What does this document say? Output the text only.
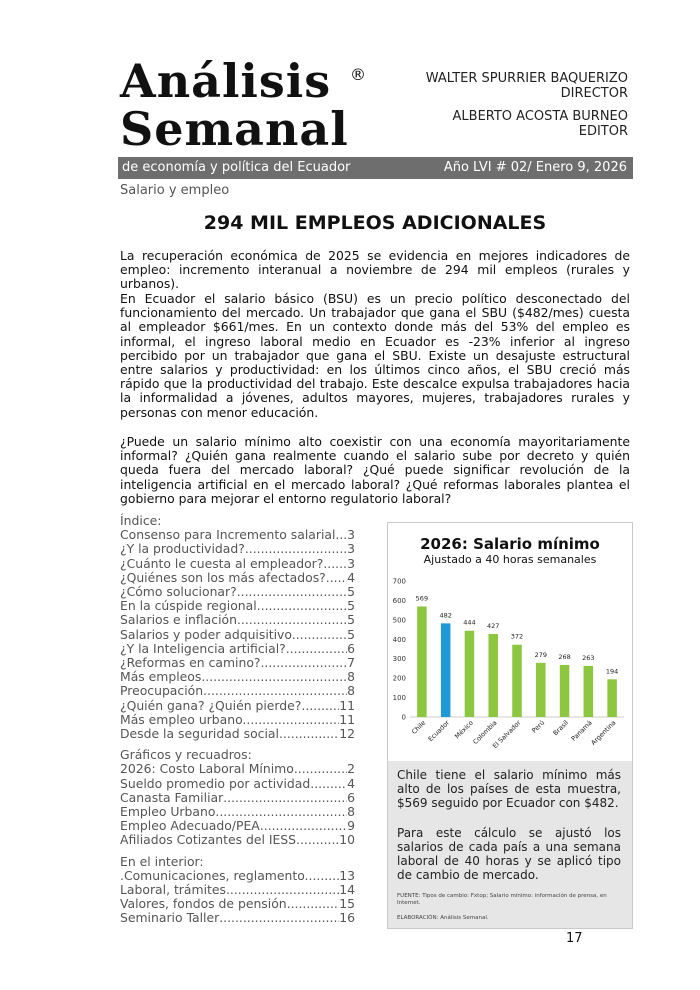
Análisis
Semanal
®	WALTER SPURRIER BAQUERIZO
DIRECTOR
ALBERTO ACOSTA BURNEO
EDITOR
de economía y política del Ecuador	Año LVI # 02/ Enero 9, 2026
Salario y empleo
294 MIL EMPLEOS ADICIONALES
La recuperación económica de 2025 se evidencia en mejores indicadores de empleo: incremento interanual a noviembre de 294 mil empleos (rurales y urbanos).
En Ecuador el salario básico (BSU) es un precio político desconectado del funcionamiento del mercado. Un trabajador que gana el SBU ($482/mes) cuesta al empleador $661/mes. En un contexto donde más del 53% del empleo es informal, el ingreso laboral medio en Ecuador es -23% inferior al ingreso percibido por un trabajador que gana el SBU. Existe un desajuste estructural entre salarios y productividad: en los últimos cinco años, el SBU creció más rápido que la productividad del trabajo. Este descalce expulsa trabajadores hacia la informalidad a jóvenes, adultos mayores, mujeres, trabajadores rurales y personas con menor educación.
¿Puede un salario mínimo alto coexistir con una economía mayoritariamente informal? ¿Quién gana realmente cuando el salario sube por decreto y quién queda fuera del mercado laboral? ¿Qué puede significar revolución de la inteligencia artificial en el mercado laboral? ¿Qué reformas laborales plantea el gobierno para mejorar el entorno regulatorio laboral?
Índice:
Consenso para Incremento salarial ..... 3
¿Y la productividad?. .....	3
¿Cuánto le cuesta al empleador? ..... 3
¿Quiénes son los más afectados? ..... 4
¿Cómo solucionar? .....	5
En la cúspide regional. .....	5
Salarios e inflación. .....	5
Salarios y poder adquisitivo. .....	5
¿Y la Inteligencia artificial? .....	6
¿Reformas en camino? .....	7
Más empleos. .....	8
Preocupación. .....	8
¿Quién gana? ¿Quién pierde? .....	11
Más empleo urbano. .....	11
Desde la seguridad social. .....	12
Gráficos y recuadros:
2026: Costo Laboral Mínimo .....	2
Sueldo promedio por actividad .....	4
Canasta Familiar .....	6
Empleo Urbano .....	8
Empleo Adecuado/PEA .....	9
Afiliados Cotizantes del IESS .....	10
En el interior:
.Comunicaciones, reglamento. ..... 13
Laboral, trámites. .....	14
Valores, fondos de pensión. .....	15
Seminario Taller .....	16
2026: Salario mínimo
Ajustado a 40 horas semanales
0
100
200
300
400
500
600
700
569
Chile
482
Ecuador
444
México
427
Colombia
372
El Salvador
279
Perú
268
Brasil
263
Panamá
194
Argentina
Chile tiene el salario mínimo más alto de los países de esta muestra, $569 seguido por Ecuador con $482.
Para este cálculo se ajustó los salarios de cada país a una semana laboral de 40 horas y se aplicó tipo de cambio de mercado.
FUENTE: Tipos de cambio: Fxtop; Salario mínimo: información de prensa, en Internet.
ELABORACIÓN: Análisis Semanal.
17
